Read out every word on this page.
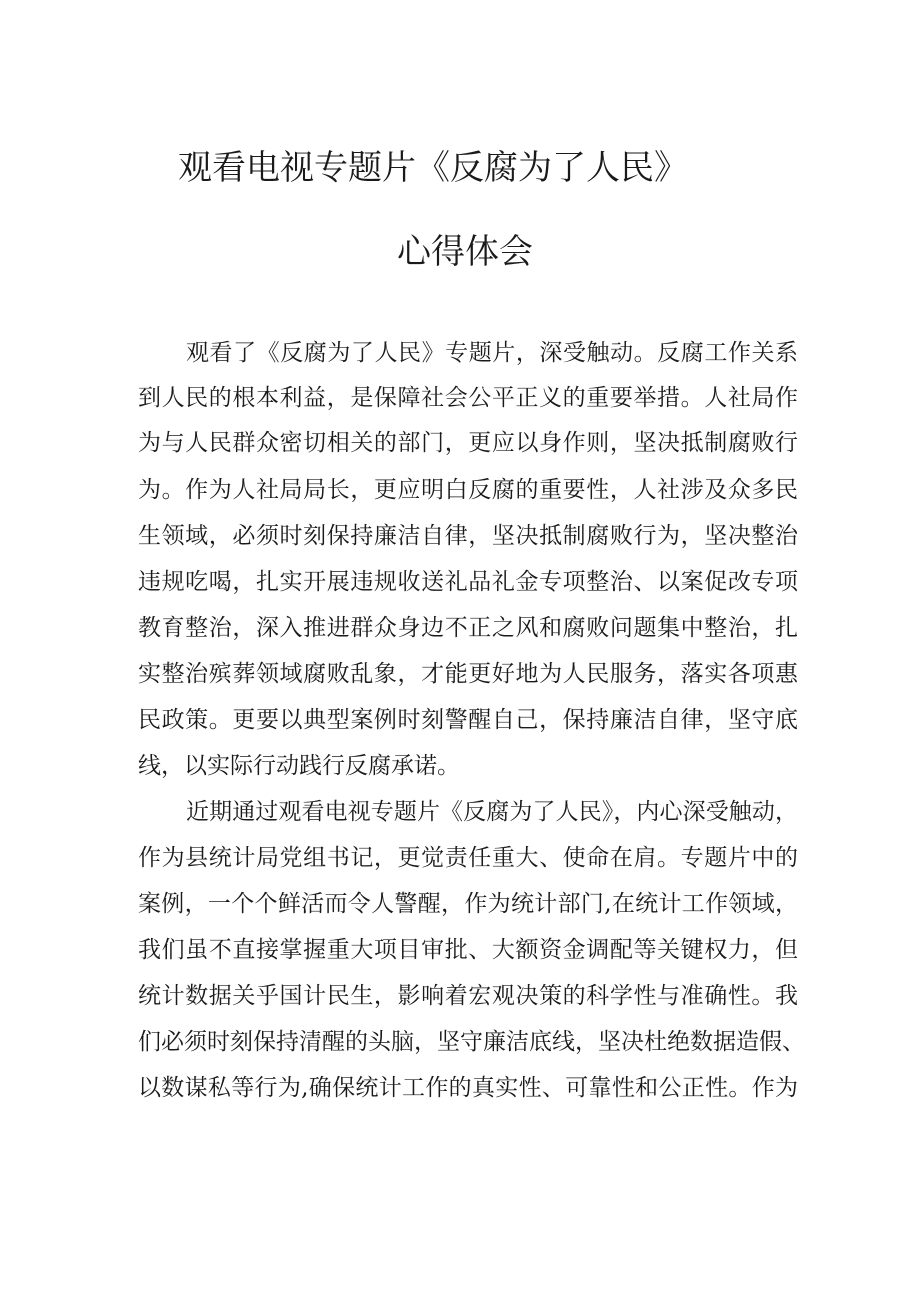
观看电视专题片《反腐为了人民》
心得体会
观看了《反腐为了人民》专题片，深受触动。反腐工作关系
到人民的根本利益，是保障社会公平正义的重要举措。人社局作
为与人民群众密切相关的部门，更应以身作则，坚决抵制腐败行
为。作为人社局局长，更应明白反腐的重要性，人社涉及众多民
生领域，必须时刻保持廉洁自律，坚决抵制腐败行为，坚决整治
违规吃喝，扎实开展违规收送礼品礼金专项整治、以案促改专项
教育整治，深入推进群众身边不正之风和腐败问题集中整治，扎
实整治殡葬领域腐败乱象，才能更好地为人民服务，落实各项惠
民政策。更要以典型案例时刻警醒自己，保持廉洁自律，坚守底
线，以实际行动践行反腐承诺。
近期通过观看电视专题片《反腐为了人民》，内心深受触动，
作为县统计局党组书记，更觉责任重大、使命在肩。专题片中的
案例，一个个鲜活而令人警醒，作为统计部门,在统计工作领域，
我们虽不直接掌握重大项目审批、大额资金调配等关键权力，但
统计数据关乎国计民生，影响着宏观决策的科学性与准确性。我
们必须时刻保持清醒的头脑，坚守廉洁底线，坚决杜绝数据造假、
以数谋私等行为,确保统计工作的真实性、可靠性和公正性。作为
